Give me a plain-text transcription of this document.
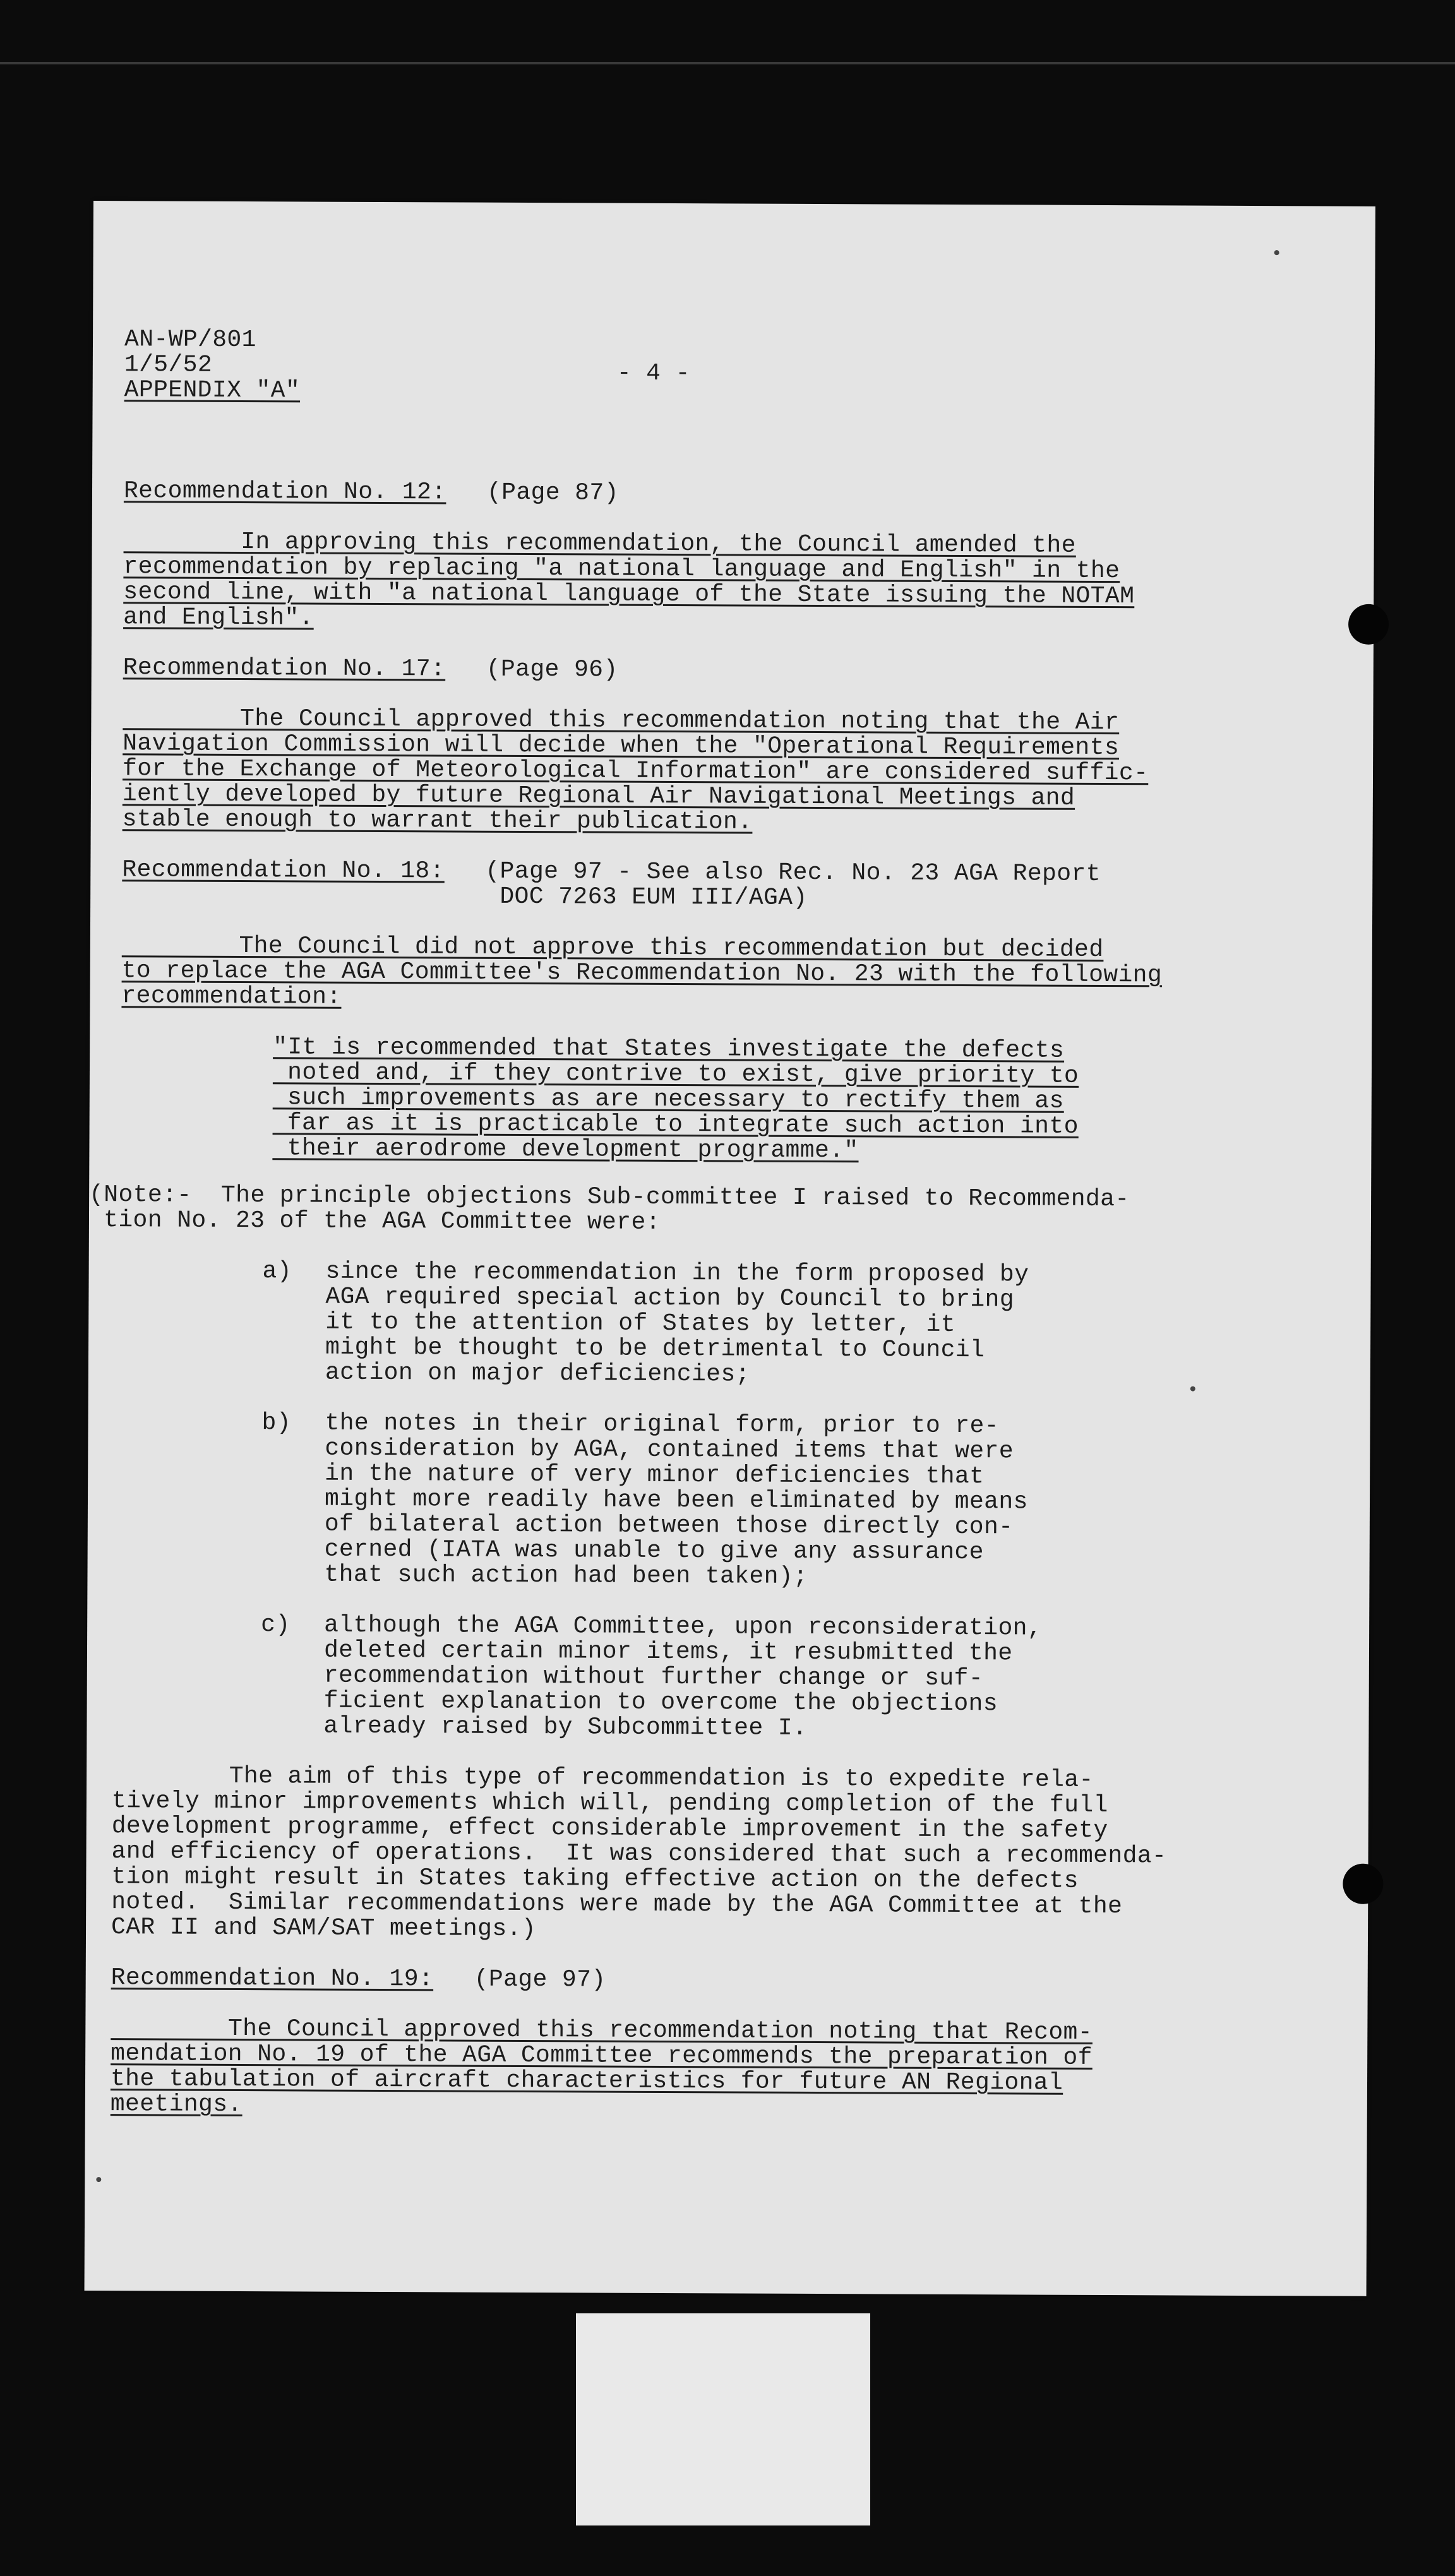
AN-WP/801
1/5/52
APPENDIX "A"
- 4 -
Recommendation No. 12: (Page 87)
In approving this recommendation, the Council amended the
recommendation by replacing "a national language and English" in the
second line, with "a national language of the State issuing the NOTAM
and English".
Recommendation No. 17: (Page 96)
The Council approved this recommendation noting that the Air
Navigation Commission will decide when the "Operational Requirements
for the Exchange of Meteorological Information" are considered suffic-
iently developed by future Regional Air Navigational Meetings and
stable enough to warrant their publication.
Recommendation No. 18: (Page 97 - See also Rec. No. 23 AGA Report
DOC 7263 EUM III/AGA)
The Council did not approve this recommendation but decided
to replace the AGA Committee's Recommendation No. 23 with the following
recommendation:
"It is recommended that States investigate the defects
noted and, if they contrive to exist, give priority to
such improvements as are necessary to rectify them as
far as it is practicable to integrate such action into
their aerodrome development programme."
(Note:-  The principle objections Sub-committee I raised to Recommenda-
tion No. 23 of the AGA Committee were:
a) since the recommendation in the form proposed by
AGA required special action by Council to bring
it to the attention of States by letter, it
might be thought to be detrimental to Council
action on major deficiencies;
b) the notes in their original form, prior to re-
consideration by AGA, contained items that were
in the nature of very minor deficiencies that
might more readily have been eliminated by means
of bilateral action between those directly con-
cerned (IATA was unable to give any assurance
that such action had been taken);
c) although the AGA Committee, upon reconsideration,
deleted certain minor items, it resubmitted the
recommendation without further change or suf-
ficient explanation to overcome the objections
already raised by Subcommittee I.
The aim of this type of recommendation is to expedite rela-
tively minor improvements which will, pending completion of the full
development programme, effect considerable improvement in the safety
and efficiency of operations.  It was considered that such a recommenda-
tion might result in States taking effective action on the defects
noted.  Similar recommendations were made by the AGA Committee at the
CAR II and SAM/SAT meetings.)
Recommendation No. 19: (Page 97)
The Council approved this recommendation noting that Recom-
mendation No. 19 of the AGA Committee recommends the preparation of
the tabulation of aircraft characteristics for future AN Regional
meetings.
